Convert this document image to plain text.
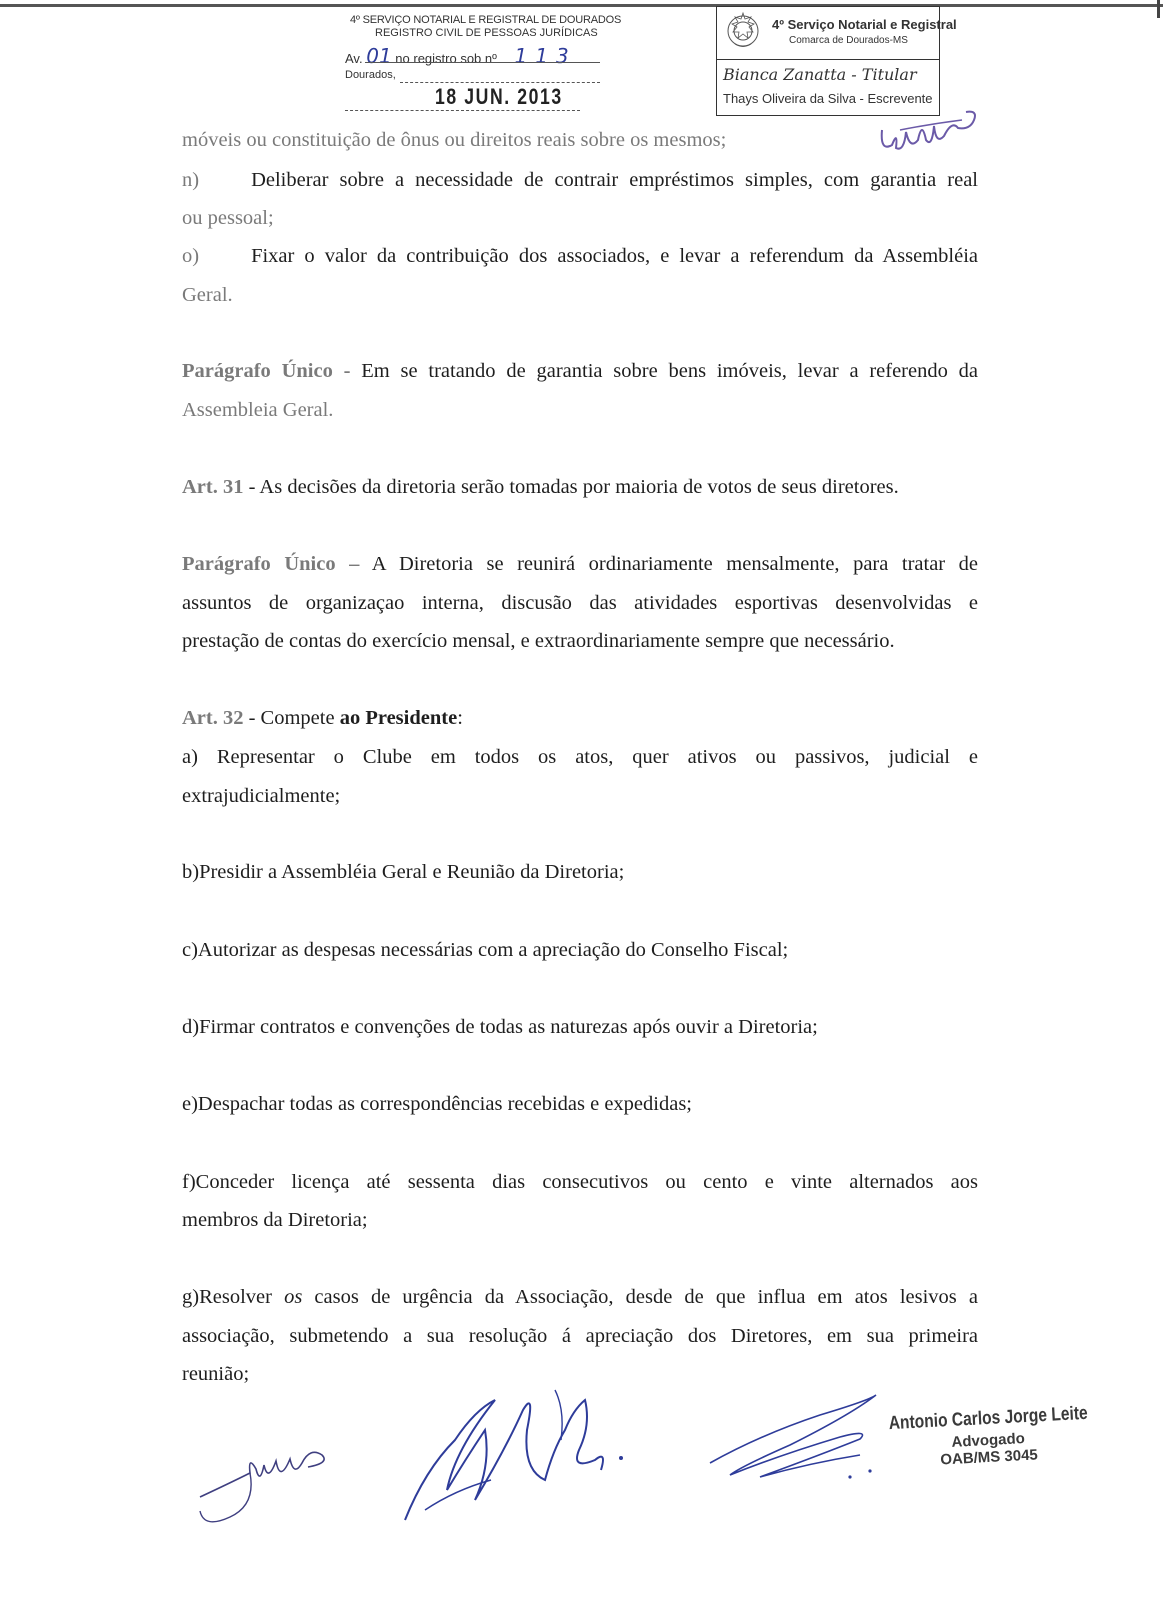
4º SERVIÇO NOTARIAL E REGISTRAL DE DOURADOS
REGISTRO CIVIL DE PESSOAS JURÍDICAS
Av. 01 no registro sob nº 113
Dourados,
18 JUN. 2013
4º Serviço Notarial e Registral
Comarca de Dourados-MS
Bianca Zanatta - Titular
Thays Oliveira da Silva - Escrevente
móveis ou constituição de ônus ou direitos reais sobre os mesmos;
n)	Deliberar sobre a necessidade de contrair empréstimos simples, com garantia real
ou pessoal;
o)	Fixar o valor da contribuição dos associados, e levar a referendum da Assembléia
Geral.
Parágrafo Único - Em se tratando de garantia sobre bens imóveis, levar a referendo da
Assembleia Geral.
Art. 31 - As decisões da diretoria serão tomadas por maioria de votos de seus diretores.
Parágrafo Único – A Diretoria se reunirá ordinariamente mensalmente, para tratar de
assuntos de organizaçao interna, discusão das atividades esportivas desenvolvidas e
prestação de contas do exercício mensal, e extraordinariamente sempre que necessário.
Art. 32 - Compete ao Presidente:
a) Representar o Clube em todos os atos, quer ativos ou passivos, judicial e
extrajudicialmente;
b)Presidir a Assembléia Geral e Reunião da Diretoria;
c)Autorizar as despesas necessárias com a apreciação do Conselho Fiscal;
d)Firmar contratos e convenções de todas as naturezas após ouvir a Diretoria;
e)Despachar todas as correspondências recebidas e expedidas;
f)Conceder licença até sessenta dias consecutivos ou cento e vinte alternados aos
membros da Diretoria;
g)Resolver os casos de urgência da Associação, desde de que influa em atos lesivos a
associação, submetendo a sua resolução á apreciação dos Diretores, em sua primeira
reunião;
Antonio Carlos Jorge Leite
Advogado
OAB/MS 3045
